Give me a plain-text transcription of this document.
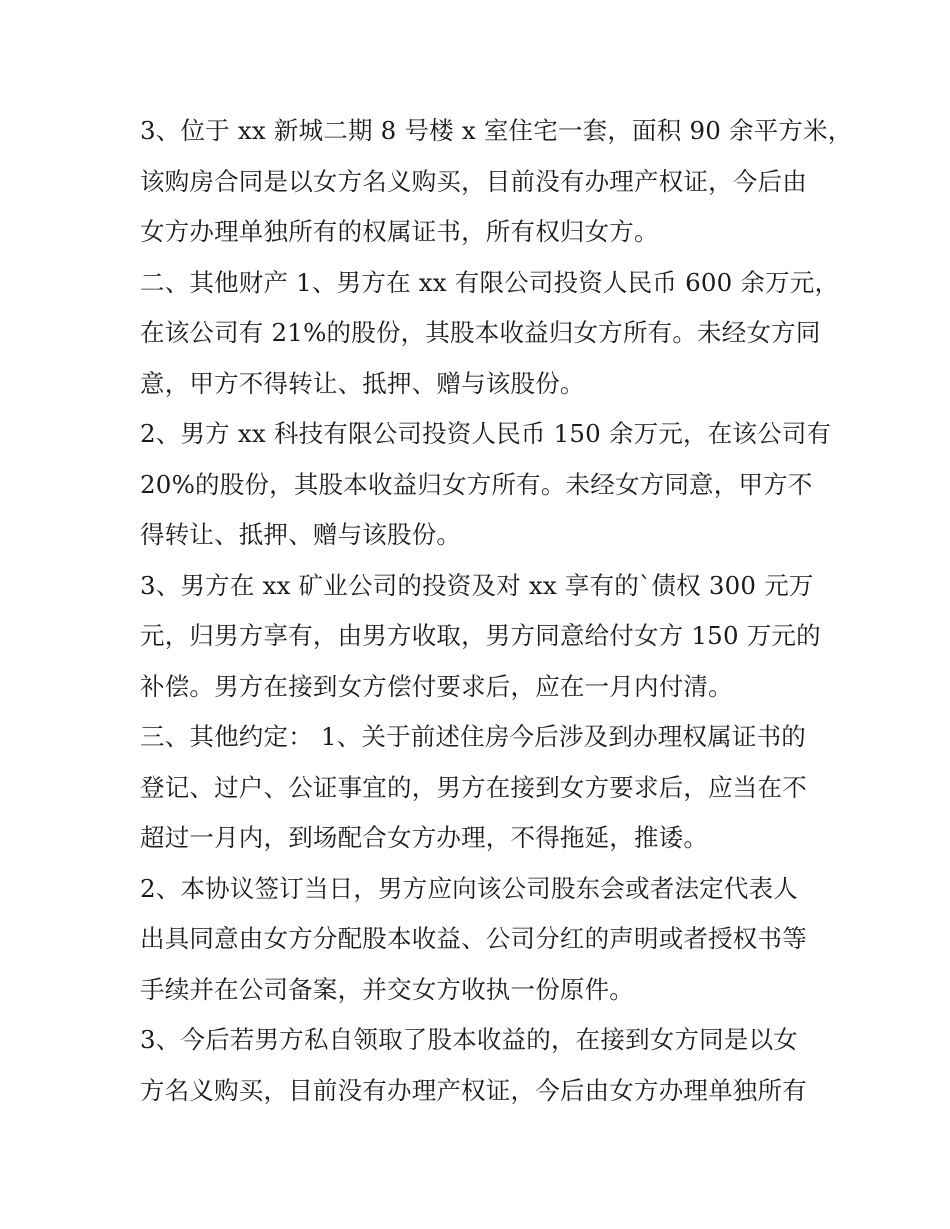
3、位于 xx 新城二期 8 号楼 x 室住宅一套，面积 90 余平方米，
该购房合同是以女方名义购买，目前没有办理产权证，今后由
女方办理单独所有的权属证书，所有权归女方。
二、其他财产 1、男方在 xx 有限公司投资人民币 600 余万元，
在该公司有 21%的股份，其股本收益归女方所有。未经女方同
意，甲方不得转让、抵押、赠与该股份。
2、男方 xx 科技有限公司投资人民币 150 余万元，在该公司有
20%的股份，其股本收益归女方所有。未经女方同意，甲方不
得转让、抵押、赠与该股份。
3、男方在 xx 矿业公司的投资及对 xx 享有的`债权 300 元万
元，归男方享有，由男方收取，男方同意给付女方 150 万元的
补偿。男方在接到女方偿付要求后，应在一月内付清。
三、其他约定： 1、关于前述住房今后涉及到办理权属证书的
登记、过户、公证事宜的，男方在接到女方要求后，应当在不
超过一月内，到场配合女方办理，不得拖延，推诿。
2、本协议签订当日，男方应向该公司股东会或者法定代表人
出具同意由女方分配股本收益、公司分红的声明或者授权书等
手续并在公司备案，并交女方收执一份原件。
3、今后若男方私自领取了股本收益的，在接到女方同是以女
方名义购买，目前没有办理产权证，今后由女方办理单独所有
